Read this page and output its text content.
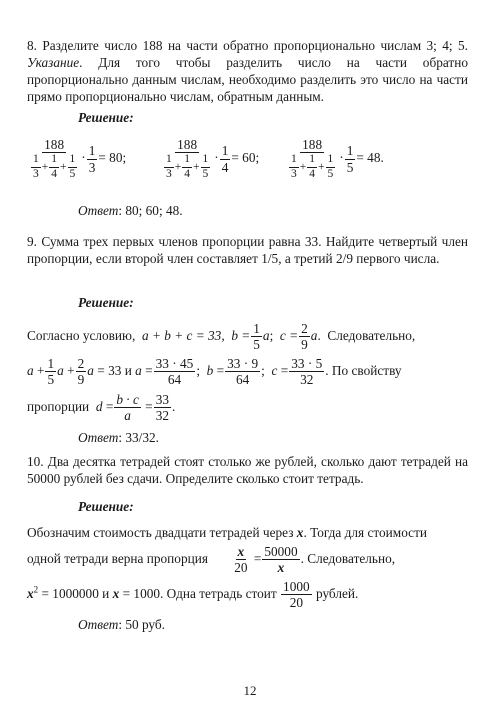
8. Разделите число 188 на части обратно пропорционально числам 3; 4; 5. Указание. Для того чтобы разделить число на части обратно пропорционально данным числам, необходимо разделить это число на части прямо пропорционально числам, обратным данным.
Решение:
$\frac{188}{\frac{1}{3} + \frac{1}{4} + \frac{1}{5}} \cdot \frac{1}{3} = 80$;	$\frac{188}{\frac{1}{3} + \frac{1}{4} + \frac{1}{5}} \cdot \frac{1}{4} = 60$; $\frac{188}{\frac{1}{3} + \frac{1}{4} + \frac{1}{5}} \cdot \frac{1}{5} = 48$.
Ответ: 80; 60; 48.
9. Сумма трех первых членов пропорции равна 33. Найдите четвертый член пропорции, если второй член составляет 1/5, а третий 2/9 первого числа.
Решение:
Согласно условию, a + b + c = 33, $b = \frac{1}{5} a$;  $c = \frac{2}{9} a$.  Следовательно,
$a + \frac{1}{5}$ $a + \frac{2}{9}$ a = 33 и $a = \frac{33 \cdot 45}{64}$ ;  $b = \frac{33 \cdot 9}{64}$ ;  $c = \frac{33 \cdot 5}{32}$ . По свойству
пропорции $d = \frac{b \cdot c}{a} = \frac{33}{32}$ .
Ответ: 33/32.
10. Два десятка тетрадей стоят столько же рублей, сколько дают тетрадей на 50000 рублей без сдачи. Определите сколько стоит тетрадь.
Решение:
Обозначим стоимость двадцати тетрадей через x. Тогда для стоимости
одной тетради верна пропорция $\frac{x}{20} = \frac{50000}{x}$ . Следовательно,
$x^2 = 1000000$ и x = 1000. Одна тетрадь стоит $\frac{1000}{20}$ рублей.
Ответ: 50 руб.
12
